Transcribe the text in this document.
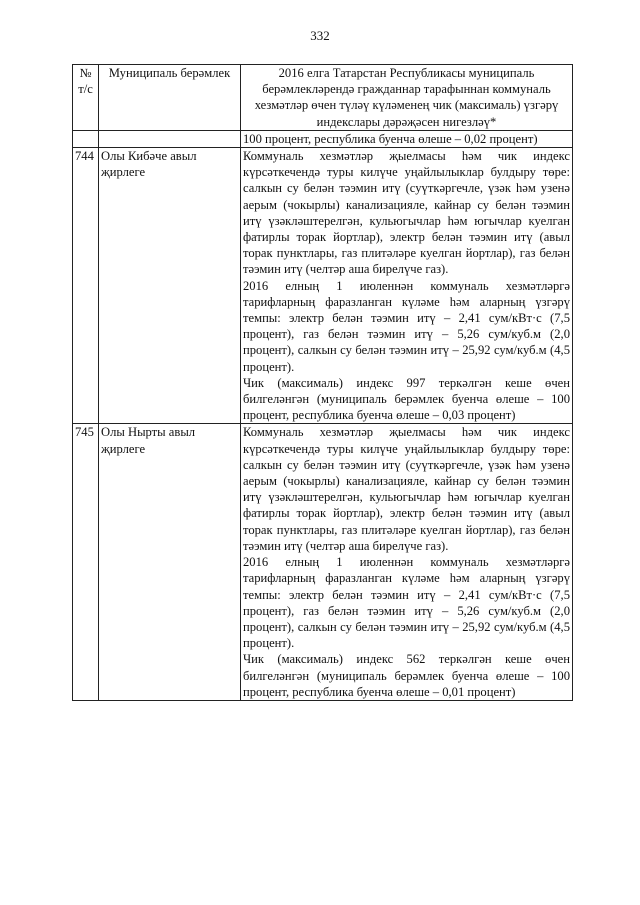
332
№ т/с	Муниципаль берәмлек	2016 елга Татарстан Республикасы муниципаль берәмлекләрендә гражданнар тарафыннан коммуналь хезмәтләр өчен түләү күләменең чик (максималь) үзгәрү индекслары дәрәҗәсен нигезләү*
		100 процент, республика буенча өлеше – 0,02 процент)
744	Олы Кибәче авыл җирлеге	Коммуналь хезмәтләр җыелмасы һәм чик индекс күрсәткечендә туры килүче уңайлылыклар булдыру төре: салкын су белән тәэмин итү (суүткәргечле, үзәк һәм узенә аерым (чокырлы) канализацияле, кайнар су белән тәэмин итү үзәкләштерелгән, кульюгычлар һәм югычлар куелган фатирлы торак йортлар), электр белән тәэмин итү (авыл торак пунктлары, газ плитәләре куелган йортлар), газ белән тәэмин итү (челтәр аша бирелүче газ).

2016 елның 1 июленнән коммуналь хезмәтләргә тарифларның фаразланган күләме һәм аларның үзгәрү темпы: электр белән тәэмин итү – 2,41 сум/кВт·с (7,5 процент), газ белән тәэмин итү – 5,26 сум/куб.м (2,0 процент), салкын су белән тәэмин итү – 25,92 сум/куб.м (4,5 процент).

Чик (максималь) индекс 997 теркәлгән кеше өчен билгеләнгән (муниципаль берәмлек буенча өлеше – 100 процент, республика буенча өлеше – 0,03 процент)

745	Олы Нырты авыл җирлеге	Коммуналь хезмәтләр җыелмасы һәм чик индекс күрсәткечендә туры килүче уңайлылыклар булдыру төре: салкын су белән тәэмин итү (суүткәргечле, үзәк һәм узенә аерым (чокырлы) канализацияле, кайнар су белән тәэмин итү үзәкләштерелгән, кульюгычлар һәм югычлар куелган фатирлы торак йортлар), электр белән тәэмин итү (авыл торак пунктлары, газ плитәләре куелган йортлар), газ белән тәэмин итү (челтәр аша бирелүче газ).

2016 елның 1 июленнән коммуналь хезмәтләргә тарифларның фаразланган күләме һәм аларның үзгәрү темпы: электр белән тәэмин итү – 2,41 сум/кВт·с (7,5 процент), газ белән тәэмин итү – 5,26 сум/куб.м (2,0 процент), салкын су белән тәэмин итү – 25,92 сум/куб.м (4,5 процент).

Чик (максималь) индекс 562 теркәлгән кеше өчен билгеләнгән (муниципаль берәмлек буенча өлеше – 100 процент, республика буенча өлеше – 0,01 процент)
